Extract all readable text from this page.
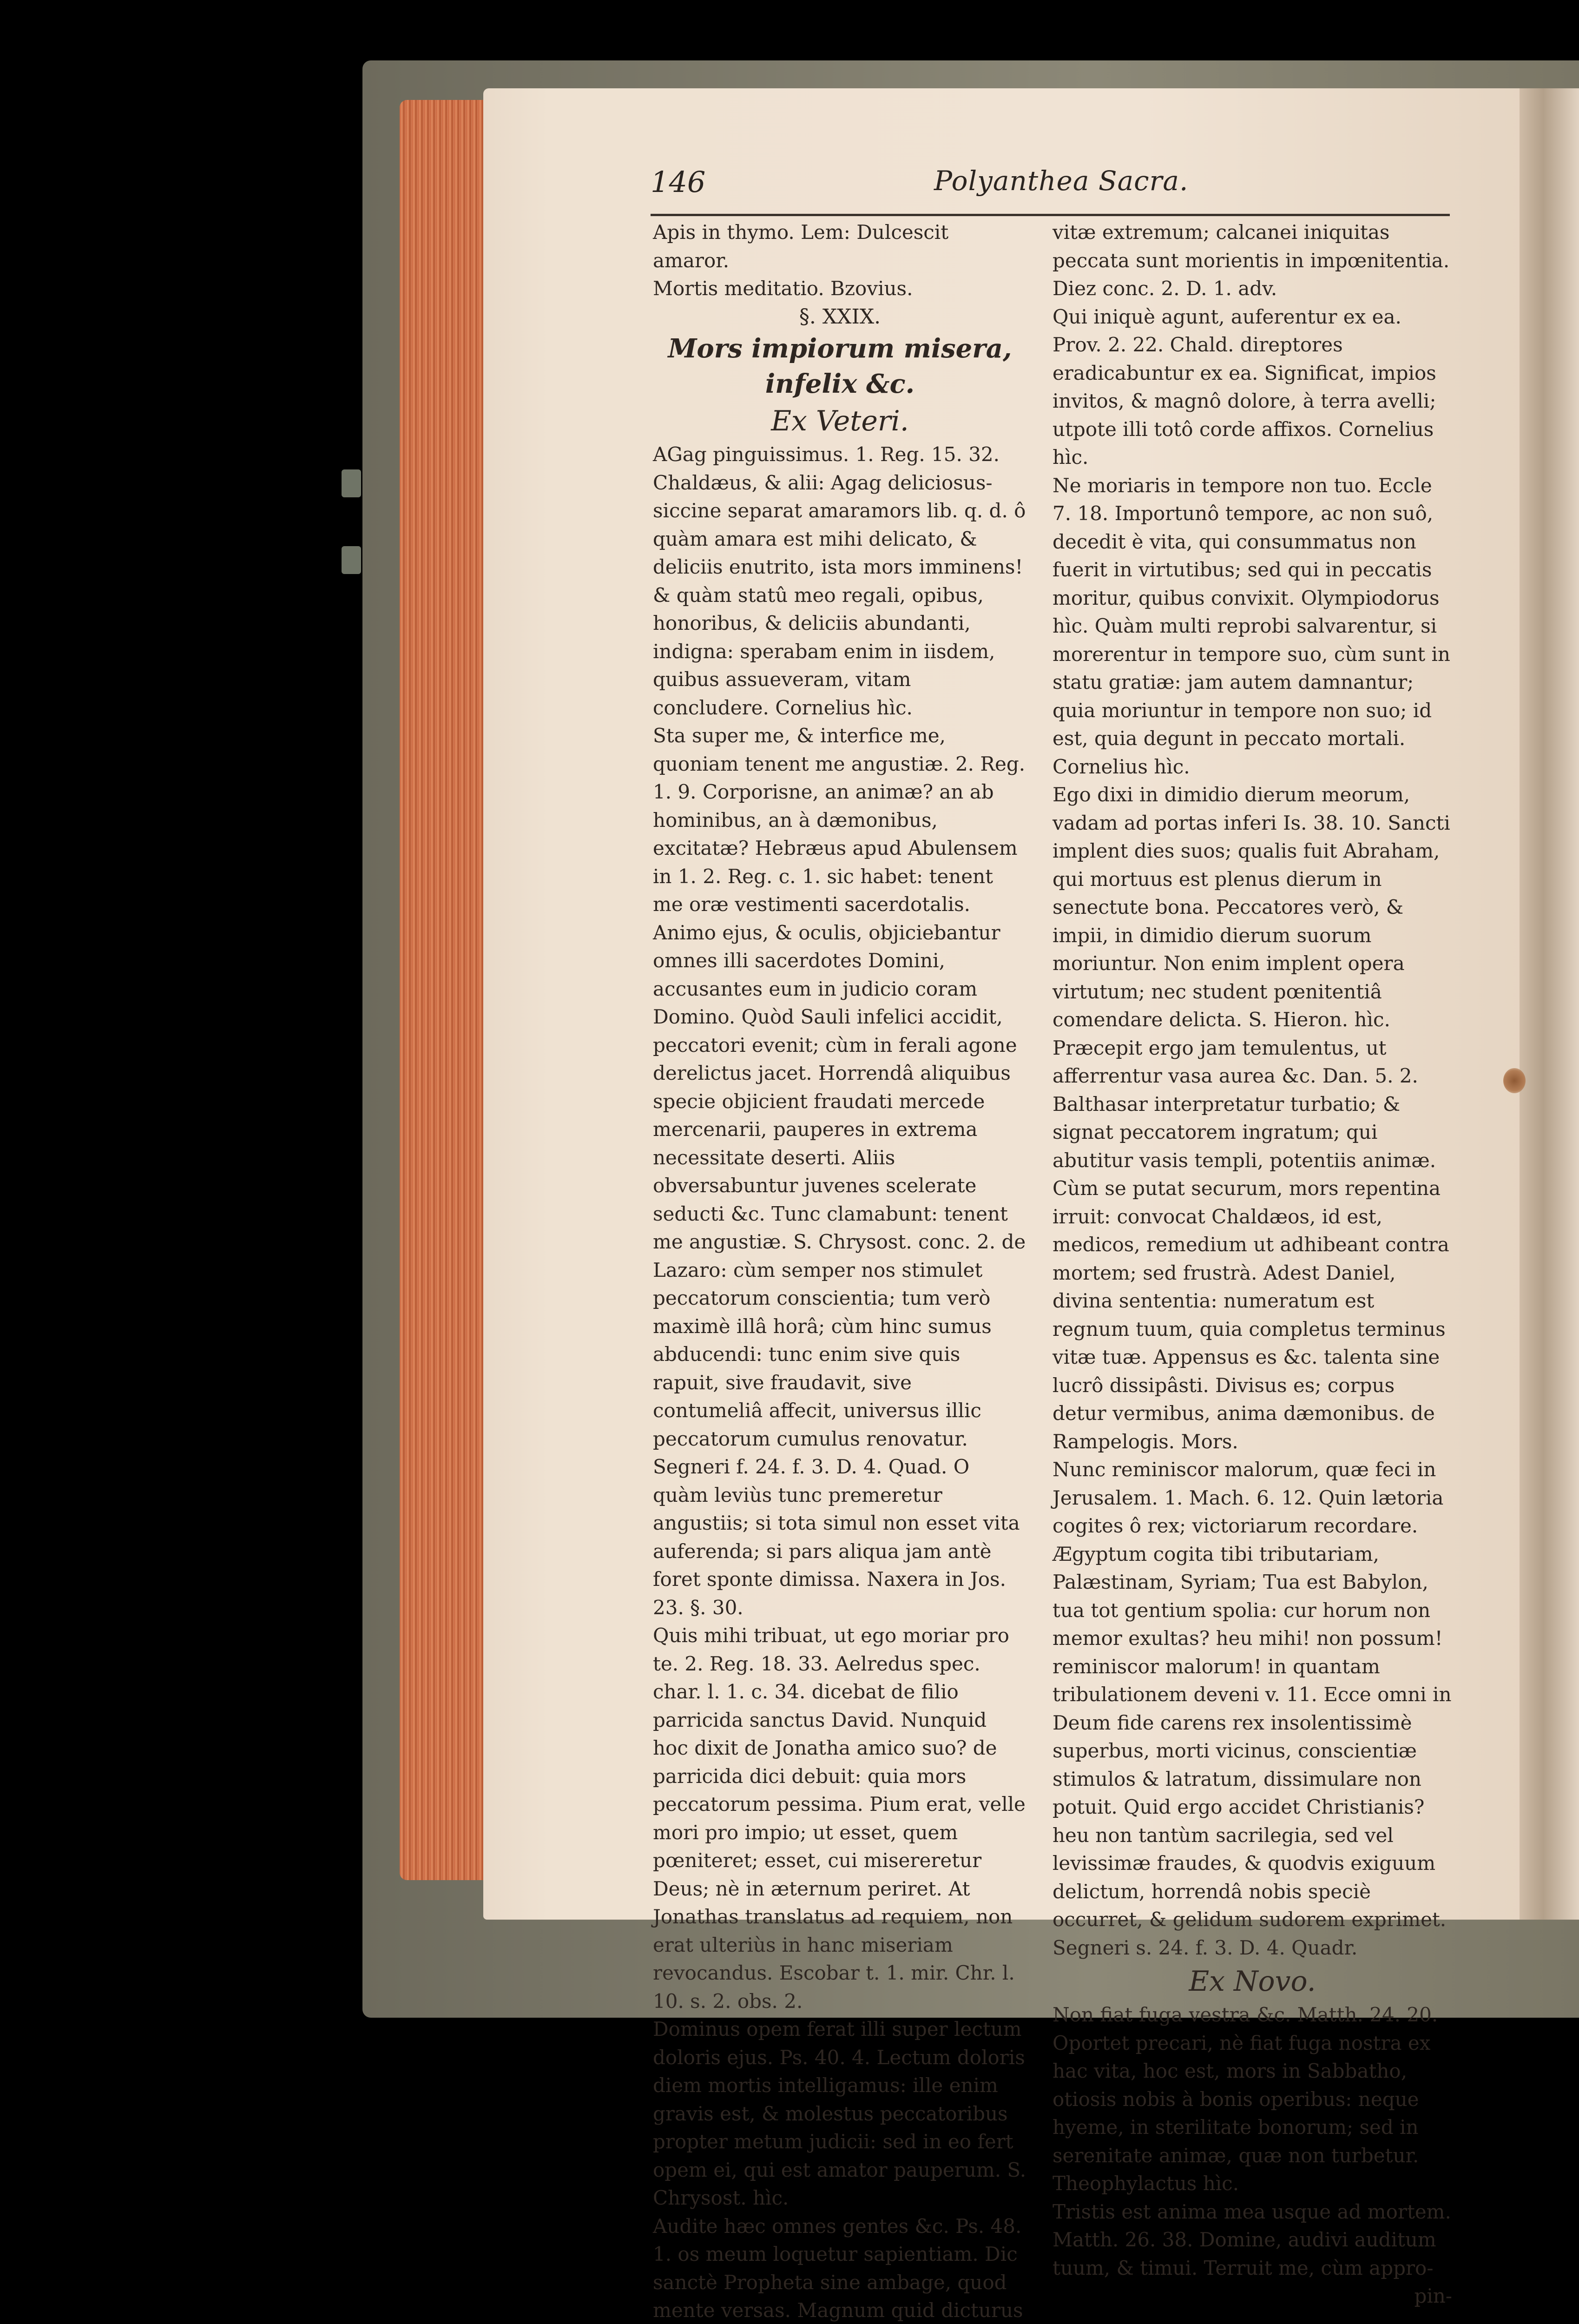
146	Polyanthea Sacra.

Apis in thymo. Lem: Dulcescit amaror.

Mortis meditatio. Bzovius.

§. XXIX.

Mors impiorum misera, infelix &c.

Ex Veteri.

AGag pinguissimus. 1. Reg. 15. 32. Chaldæus, & alii: Agag deliciosus-siccine separat amaramors lib. q. d. ô quàm amara est mihi delicato, & deliciis enutrito, ista mors imminens! & quàm statû meo regali, opibus, honoribus, & deliciis abundanti, indigna: sperabam enim in iisdem, quibus assueveram, vitam concludere. Cornelius hìc.

Sta super me, & interfice me, quoniam tenent me angustiæ. 2. Reg. 1. 9. Corporisne, an animæ? an ab hominibus, an à dæmonibus, excitatæ? Hebræus apud Abulensem in 1. 2. Reg. c. 1. sic habet: tenent me oræ vestimenti sacerdotalis. Animo ejus, & oculis, objiciebantur omnes illi sacerdotes Domini, accusantes eum in judicio coram Domino. Quòd Sauli infelici accidit, peccatori evenit; cùm in ferali agone derelictus jacet. Horrendâ aliquibus specie objicient fraudati mercede mercenarii, pauperes in extrema necessitate deserti. Aliis obversabuntur juvenes scelerate seducti &c. Tunc clamabunt: tenent me angustiæ. S. Chrysost. conc. 2. de Lazaro: cùm semper nos stimulet peccatorum conscientia; tum verò maximè illâ horâ; cùm hinc sumus abducendi: tunc enim sive quis rapuit, sive fraudavit, sive contumeliâ affecit, universus illic peccatorum cumulus renovatur. Segneri f. 24. f. 3. D. 4. Quad. O quàm leviùs tunc premeretur angustiis; si tota simul non esset vita auferenda; si pars aliqua jam antè foret sponte dimissa. Naxera in Jos. 23. §. 30.

Quis mihi tribuat, ut ego moriar pro te. 2. Reg. 18. 33. Aelredus spec. char. l. 1. c. 34. dicebat de filio parricida sanctus David. Nunquid hoc dixit de Jonatha amico suo? de parricida dici debuit: quia mors peccatorum pessima. Pium erat, velle mori pro impio; ut esset, quem pœniteret; esset, cui misereretur Deus; nè in æternum periret. At Jonathas translatus ad requiem, non erat ulteriùs in hanc miseriam revocandus. Escobar t. 1. mir. Chr. l. 10. s. 2. obs. 2.

Dominus opem ferat illi super lectum doloris ejus. Ps. 40. 4. Lectum doloris diem mortis intelligamus: ille enim gravis est, & molestus peccatoribus propter metum judicii: sed in eo fert opem ei, qui est amator pauperum. S. Chrysost. hìc.

Audite hæc omnes gentes &c. Ps. 48. 1. os meum loquetur sapientiam. Dic sanctè Propheta sine ambage, quod mente versas. Magnum quid dicturus

vitæ extremum; calcanei iniquitas peccata sunt morientis in impœnitentia. Diez conc. 2. D. 1. adv.

Qui iniquè agunt, auferentur ex ea. Prov. 2. 22. Chald. direptores eradicabuntur ex ea. Significat, impios invitos, & magnô dolore, à terra avelli; utpote illi totô corde affixos. Cornelius hìc.

Ne moriaris in tempore non tuo. Eccle 7. 18. Importunô tempore, ac non suô, decedit è vita, qui consummatus non fuerit in virtutibus; sed qui in peccatis moritur, quibus convixit. Olympiodorus hìc. Quàm multi reprobi salvarentur, si morerentur in tempore suo, cùm sunt in statu gratiæ: jam autem damnantur; quia moriuntur in tempore non suo; id est, quia degunt in peccato mortali. Cornelius hìc.

Ego dixi in dimidio dierum meorum, vadam ad portas inferi Is. 38. 10. Sancti implent dies suos; qualis fuit Abraham, qui mortuus est plenus dierum in senectute bona. Peccatores verò, & impii, in dimidio dierum suorum moriuntur. Non enim implent opera virtutum; nec student pœnitentiâ comendare delicta. S. Hieron. hìc.

Præcepit ergo jam temulentus, ut afferrentur vasa aurea &c. Dan. 5. 2. Balthasar interpretatur turbatio; & signat peccatorem ingratum; qui abutitur vasis templi, potentiis animæ. Cùm se putat securum, mors repentina irruit: convocat Chaldæos, id est, medicos, remedium ut adhibeant contra mortem; sed frustrà. Adest Daniel, divina sententia: numeratum est regnum tuum, quia completus terminus vitæ tuæ. Appensus es &c. talenta sine lucrô dissipâsti. Divisus es; corpus detur vermibus, anima dæmonibus. de Rampelogis. Mors.

Nunc reminiscor malorum, quæ feci in Jerusalem. 1. Mach. 6. 12. Quin lætoria cogites ô rex; victoriarum recordare. Ægyptum cogita tibi tributariam, Palæstinam, Syriam; Tua est Babylon, tua tot gentium spolia: cur horum non memor exultas? heu mihi! non possum! reminiscor malorum! in quantam tribulationem deveni v. 11. Ecce omni in Deum fide carens rex insolentissimè superbus, morti vicinus, conscientiæ stimulos & latratum, dissimulare non potuit. Quid ergo accidet Christianis? heu non tantùm sacrilegia, sed vel levissimæ fraudes, & quodvis exiguum delictum, horrendâ nobis speciè occurret, & gelidum sudorem exprimet. Segneri s. 24. f. 3. D. 4. Quadr.

Ex Novo.

Non fiat fuga vestra &c. Matth. 24. 20. Oportet precari, nè fiat fuga nostra ex hac vita, hoc est, mors in Sabbatho, otiosis nobis à bonis operibus: neque hyeme, in sterilitate bonorum; sed in serenitate animæ, quæ non turbetur. Theophylactus hìc.

Tristis est anima mea usque ad mortem. Matth. 26. 38. Domine, audivi auditum tuum, & timui. Terruit me, cùm appro-

pin-
